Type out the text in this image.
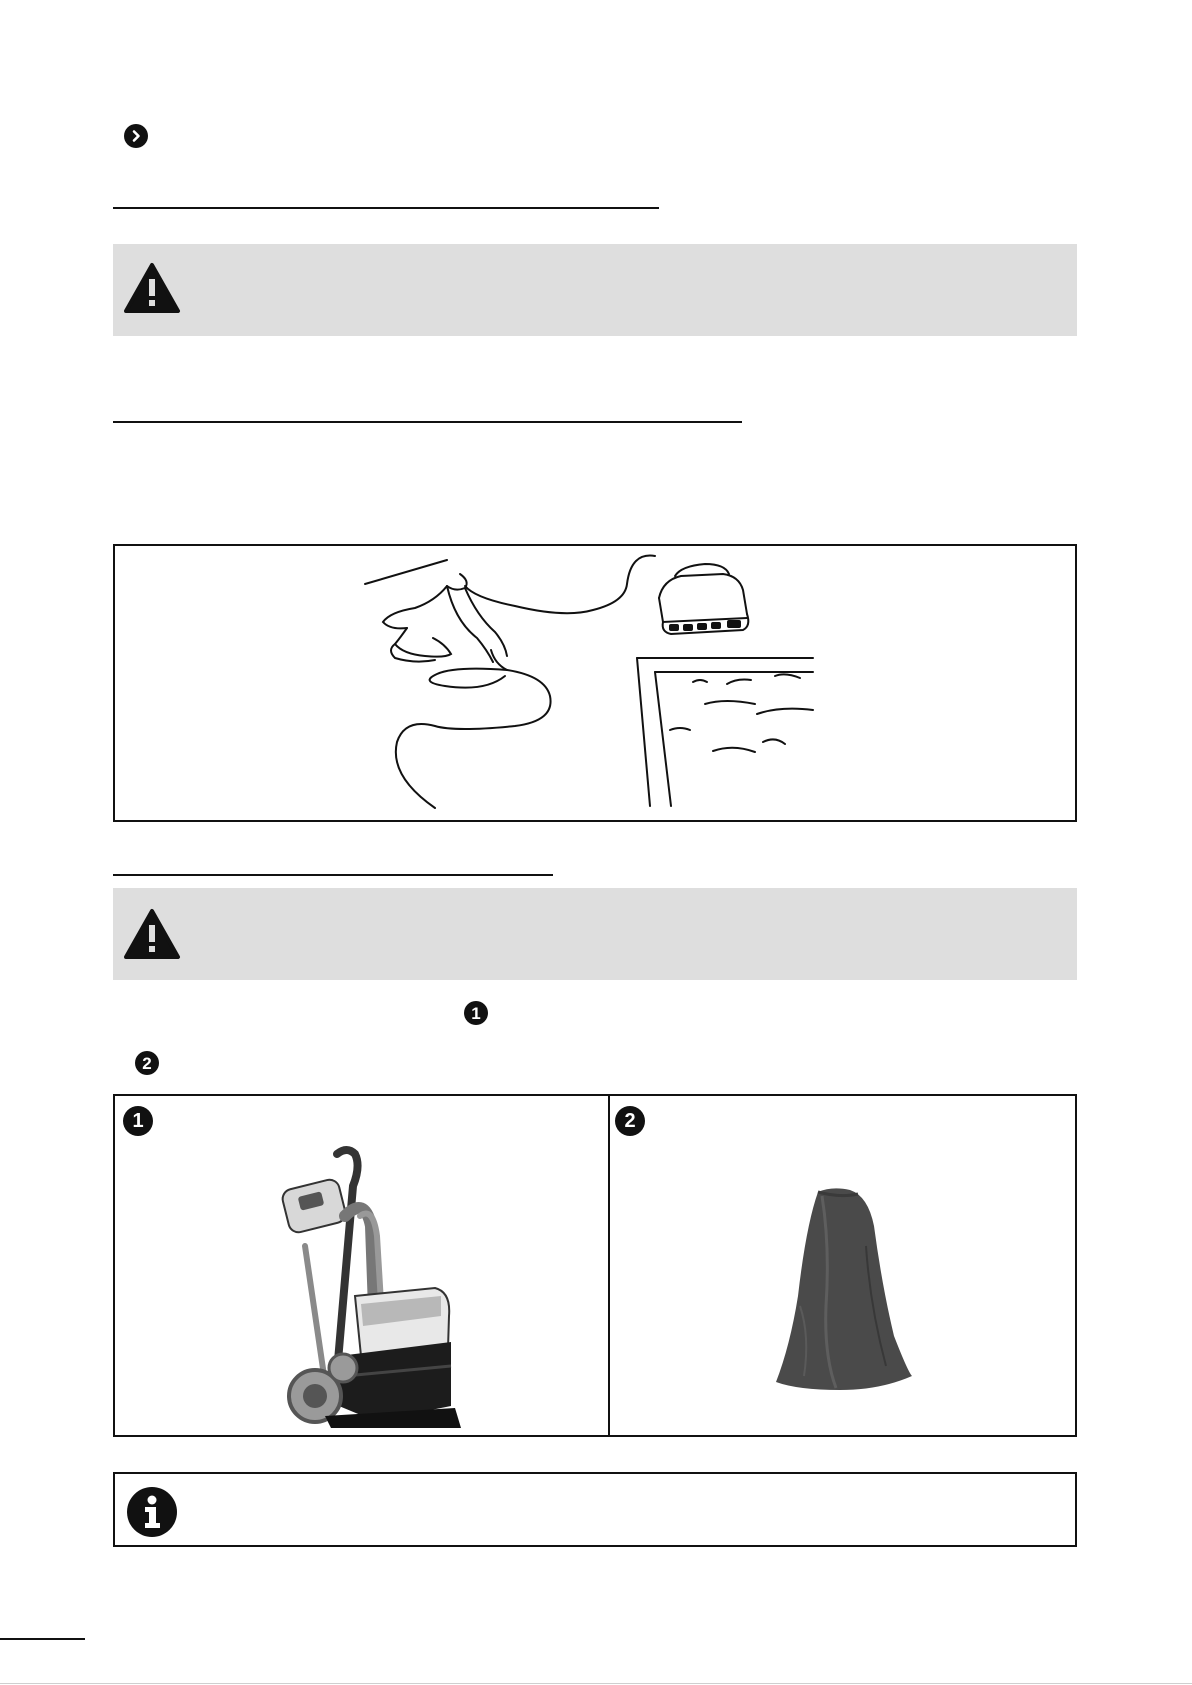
1
2
1	2
